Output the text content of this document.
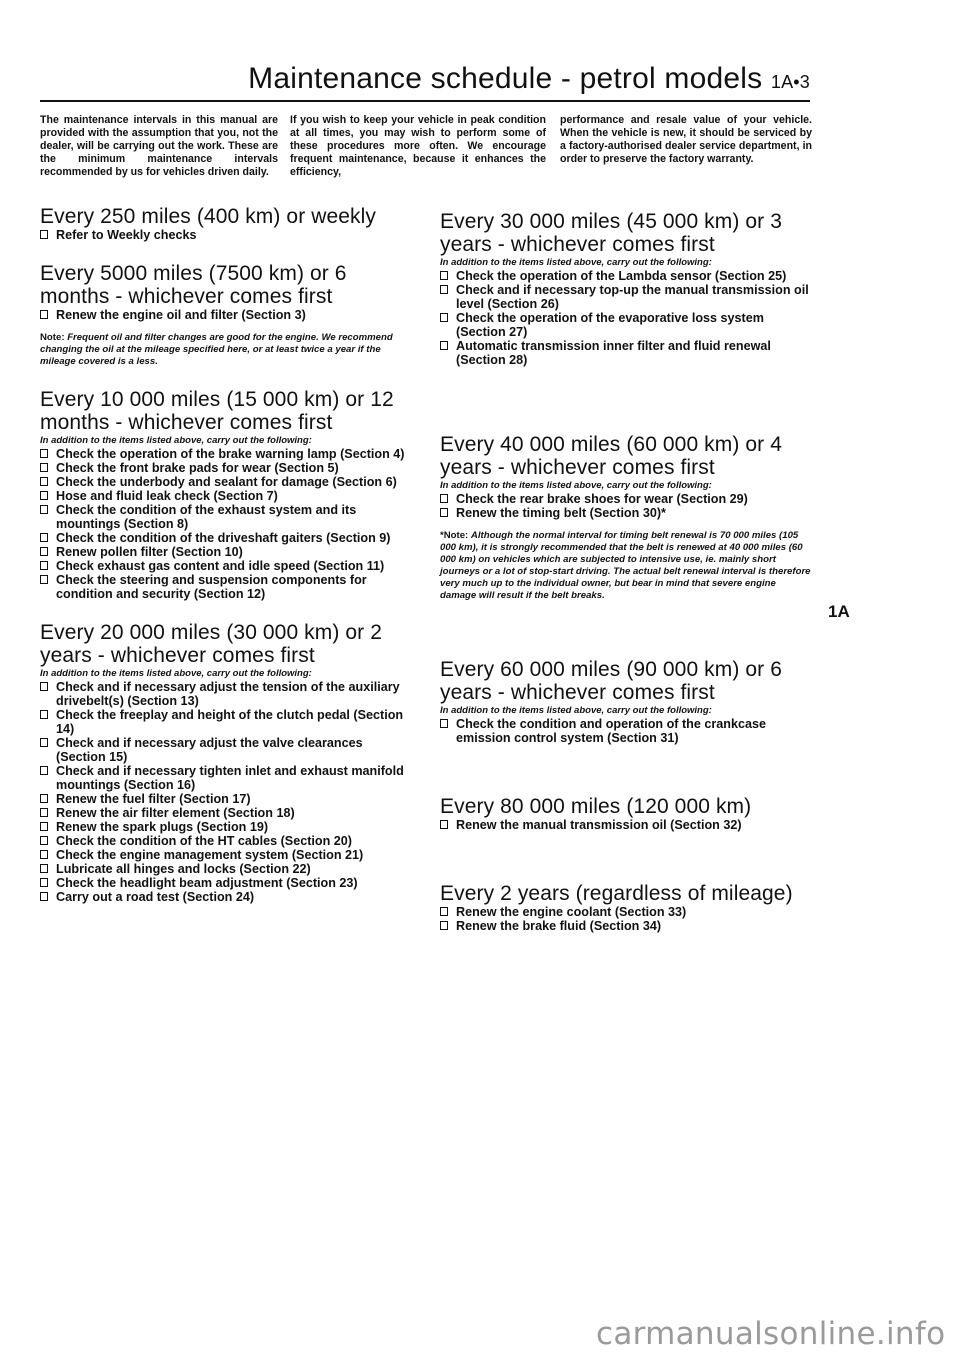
Maintenance schedule - petrol models 1A•3
The maintenance intervals in this manual are provided with the assumption that you, not the dealer, will be carrying out the work. These are the minimum maintenance intervals recommended by us for vehicles driven daily.
If you wish to keep your vehicle in peak condition at all times, you may wish to perform some of these procedures more often. We encourage frequent maintenance, because it enhances the efficiency,
performance and resale value of your vehicle. When the vehicle is new, it should be serviced by a factory-authorised dealer service department, in order to preserve the factory warranty.
Every 250 miles (400 km) or weekly
Refer to Weekly checks
Every 5000 miles (7500 km) or 6 months - whichever comes first
Renew the engine oil and filter (Section 3)
Note: Frequent oil and filter changes are good for the engine. We recommend changing the oil at the mileage specified here, or at least twice a year if the mileage covered is a less.
Every 10 000 miles (15 000 km) or 12 months - whichever comes first
In addition to the items listed above, carry out the following:
Check the operation of the brake warning lamp (Section 4)
Check the front brake pads for wear (Section 5)
Check the underbody and sealant for damage (Section 6)
Hose and fluid leak check (Section 7)
Check the condition of the exhaust system and its mountings (Section 8)
Check the condition of the driveshaft gaiters (Section 9)
Renew pollen filter (Section 10)
Check exhaust gas content and idle speed (Section 11)
Check the steering and suspension components for condition and security (Section 12)
Every 20 000 miles (30 000 km) or 2 years - whichever comes first
In addition to the items listed above, carry out the following:
Check and if necessary adjust the tension of the auxiliary drivebelt(s) (Section 13)
Check the freeplay and height of the clutch pedal (Section 14)
Check and if necessary adjust the valve clearances (Section 15)
Check and if necessary tighten inlet and exhaust manifold mountings (Section 16)
Renew the fuel filter (Section 17)
Renew the air filter element (Section 18)
Renew the spark plugs (Section 19)
Check the condition of the HT cables (Section 20)
Check the engine management system (Section 21)
Lubricate all hinges and locks (Section 22)
Check the headlight beam adjustment (Section 23)
Carry out a road test (Section 24)
Every 30 000 miles (45 000 km) or 3 years - whichever comes first
In addition to the items listed above, carry out the following:
Check the operation of the Lambda sensor (Section 25)
Check and if necessary top-up the manual transmission oil level (Section 26)
Check the operation of the evaporative loss system (Section 27)
Automatic transmission inner filter and fluid renewal (Section 28)
Every 40 000 miles (60 000 km) or 4 years - whichever comes first
In addition to the items listed above, carry out the following:
Check the rear brake shoes for wear (Section 29)
Renew the timing belt (Section 30)*
*Note: Although the normal interval for timing belt renewal is 70 000 miles (105 000 km), it is strongly recommended that the belt is renewed at 40 000 miles (60 000 km) on vehicles which are subjected to intensive use, ie. mainly short journeys or a lot of stop-start driving. The actual belt renewal interval is therefore very much up to the individual owner, but bear in mind that severe engine damage will result if the belt breaks.
Every 60 000 miles (90 000 km) or 6 years - whichever comes first
In addition to the items listed above, carry out the following:
Check the condition and operation of the crankcase emission control system (Section 31)
Every 80 000 miles (120 000 km)
Renew the manual transmission oil (Section 32)
Every 2 years (regardless of mileage)
Renew the engine coolant (Section 33)
Renew the brake fluid (Section 34)
1A
carmanualsonline.info
